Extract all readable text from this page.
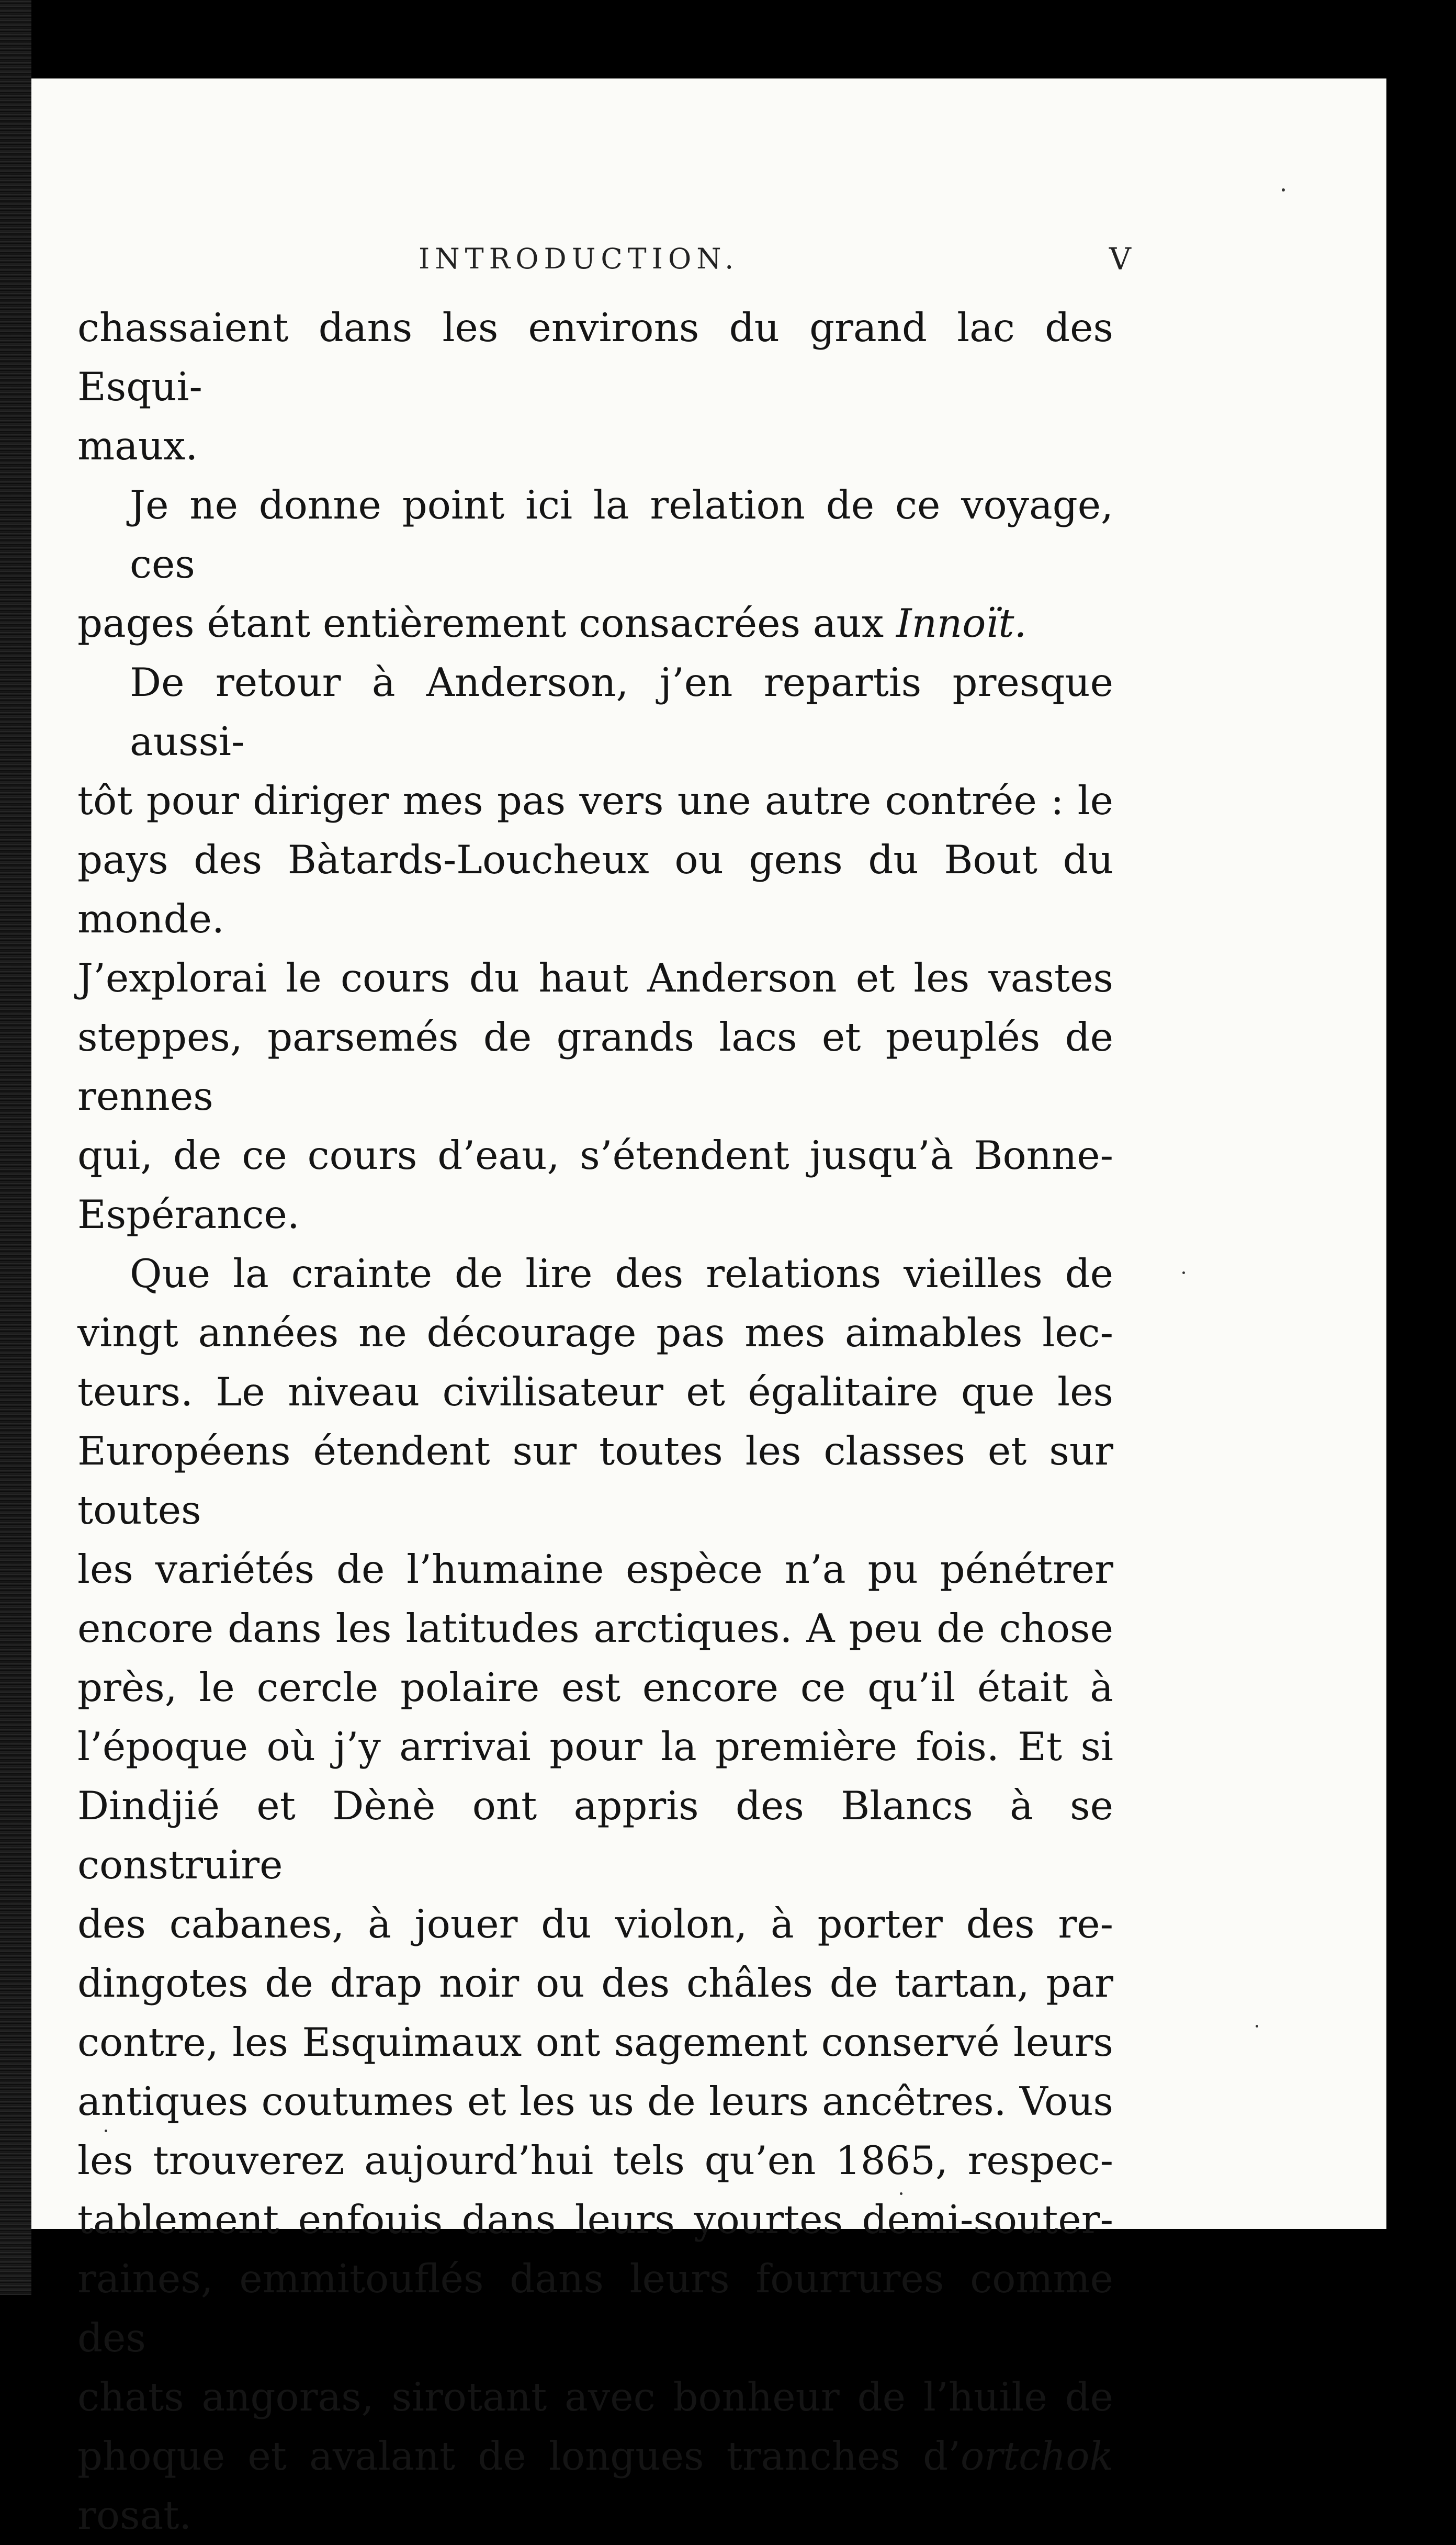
INTRODUCTION.	V

chassaient dans les environs du grand lac des Esqui-
maux.

Je ne donne point ici la relation de ce voyage, ces
pages étant entièrement consacrées aux Innoït.

De retour à Anderson, j’en repartis presque aussi-
tôt pour diriger mes pas vers une autre contrée : le
pays des Bàtards-Loucheux ou gens du Bout du monde.
J’explorai le cours du haut Anderson et les vastes
steppes, parsemés de grands lacs et peuplés de rennes
qui, de ce cours d’eau, s’étendent jusqu’à Bonne-
Espérance.

Que la crainte de lire des relations vieilles de
vingt années ne décourage pas mes aimables lec-
teurs. Le niveau civilisateur et égalitaire que les
Européens étendent sur toutes les classes et sur toutes
les variétés de l’humaine espèce n’a pu pénétrer
encore dans les latitudes arctiques. A peu de chose
près, le cercle polaire est encore ce qu’il était à
l’époque où j’y arrivai pour la première fois. Et si
Dindjié et Dènè ont appris des Blancs à se construire
des cabanes, à jouer du violon, à porter des re-
dingotes de drap noir ou des châles de tartan, par
contre, les Esquimaux ont sagement conservé leurs
antiques coutumes et les us de leurs ancêtres. Vous
les trouverez aujourd’hui tels qu’en 1865, respec-
tablement enfouis dans leurs yourtes demi-souter-
raines, emmitouflés dans leurs fourrures comme des
chats angoras, sirotant avec bonheur de l’huile de
phoque et avalant de longues tranches d’ortchok rosat.
